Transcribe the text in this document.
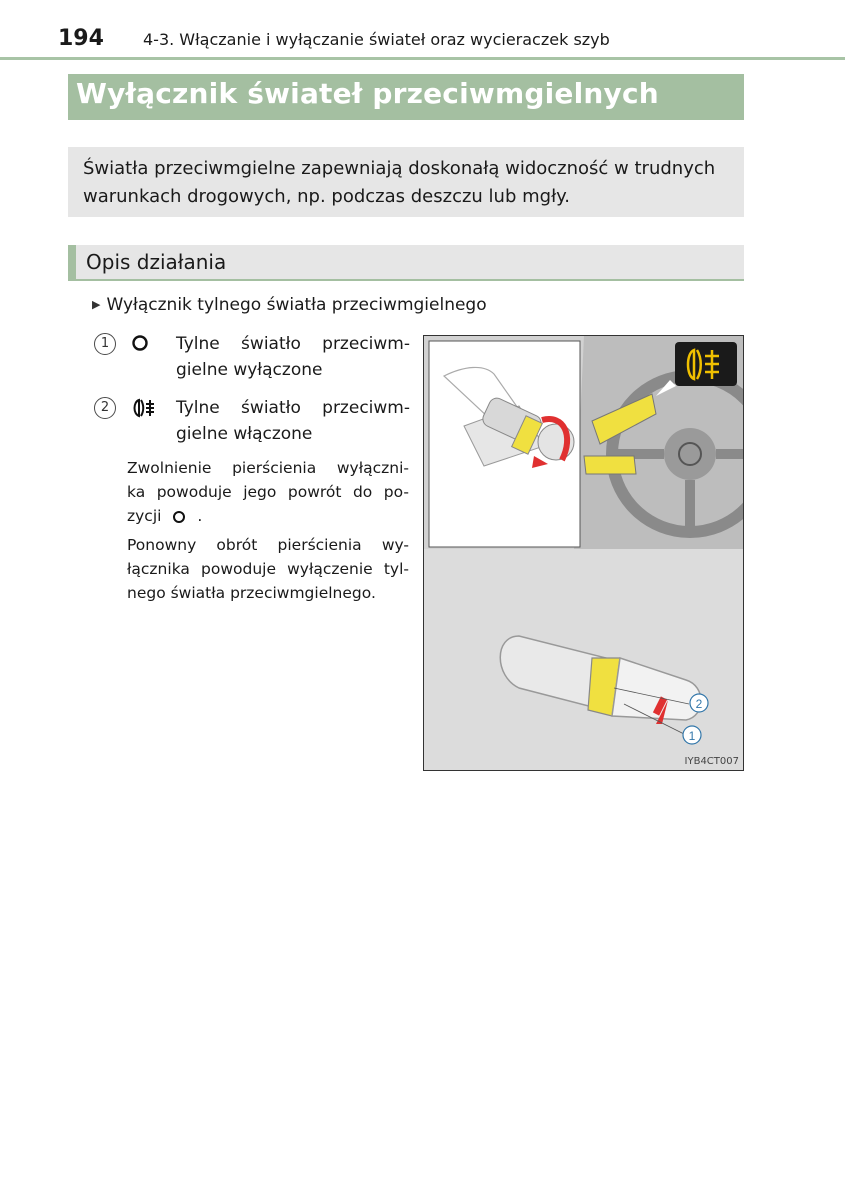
194 4-3. Włączanie i wyłączanie świateł oraz wycieraczek szyb
Wyłącznik świateł przeciwmgielnych

Światła przeciwmgielne zapewniają doskonałą widoczność w trudnych warunkach drogowych, np. podczas deszczu lub mgły.

Opis działania
▶ Wyłącznik tylnego światła przeciwmgielnego
1	Tylne światło przeciwm-
gielne wyłączone
2	Tylne światło przeciwm-
gielne włączone
Zwolnienie pierścienia wyłączni-
ka powoduje jego powrót do po-
zycji .
Ponowny obrót pierścienia wy-
łącznika powoduje wyłączenie tyl-
nego światła przeciwmgielnego.
2
1
IYB4CT007
